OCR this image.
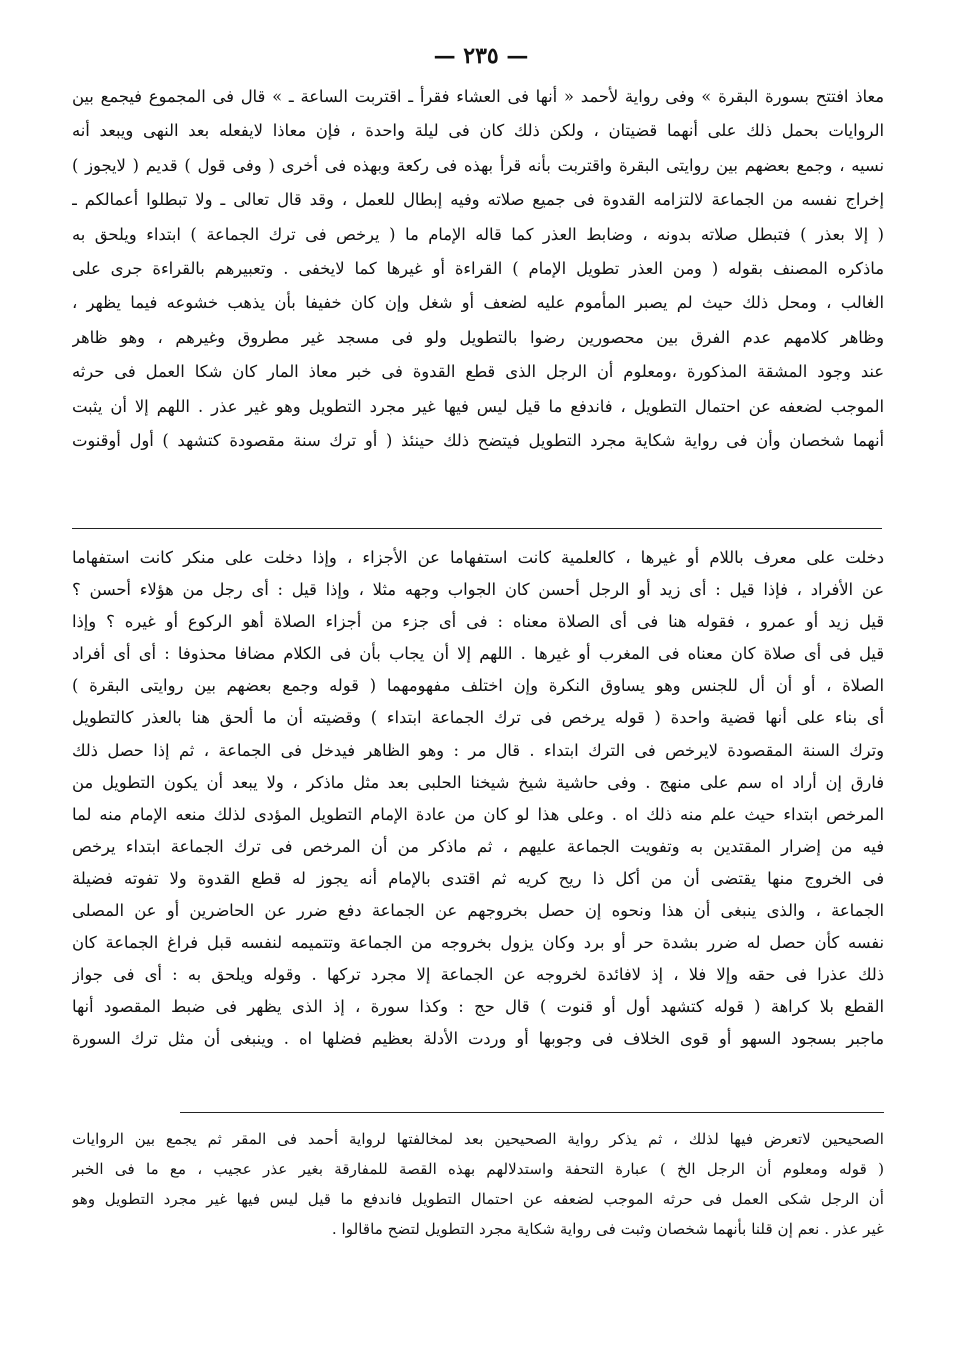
— ٢٣٥ —
معاذ افتتح بسورة البقرة » وفى رواية لأحمد « أنها فى العشاء فقرأ ـ اقتربت الساعة ـ » قال فى المجموع فيجمع بين
الروايات بحمل ذلك على أنهما قضيتان ، ولكن ذلك كان فى ليلة واحدة ، فإن معاذا لايفعله بعد النهى ويبعد أنه
نسيه ، وجمع بعضهم بين روايتى البقرة واقتربت بأنه قرأ بهذه فى ركعة وبهذه فى أخرى ( وفى قول ) قديم ( لايجوز )
إخراج نفسه من الجماعة لالتزامه القدوة فى جميع صلاته وفيه إبطال للعمل ، وقد قال تعالى ـ ولا تبطلوا أعمالكم ـ
( إلا بعذر ) فتبطل صلاته بدونه ، وضابط العذر كما قاله الإمام ما ( يرخص فى ترك الجماعة ) ابتداء ويلحق به
ماذكره المصنف بقوله ( ومن العذر تطويل الإمام ) القراءة أو غيرها كما لايخفى . وتعبيرهم بالقراءة جرى على
الغالب ، ومحل ذلك حيث لم يصبر المأموم عليه لضعف أو شغل وإن كان خفيفا بأن يذهب خشوعه فيما يظهر ،
وظاهر كلامهم عدم الفرق بين محصورين رضوا بالتطويل ولو فى مسجد غير مطروق وغيرهم ، وهو ظاهر
عند وجود المشقة المذكورة ،ومعلوم أن الرجل الذى قطع القدوة فى خبر معاذ المار كان شكا العمل فى حرثه
الموجب لضعفه عن احتمال التطويل ، فاندفع ما قيل ليس فيها غير مجرد التطويل وهو غير عذر . اللهم إلا أن يثبت
أنهما شخصان وأن فى رواية شكاية مجرد التطويل فيتضح ذلك حينئذ ( أو ترك سنة مقصودة كتشهد ) أول أوقنوت
دخلت على معرف باللام أو غيرها ، كالعلمية كانت استفهاما عن الأجزاء ، وإذا دخلت على منكر كانت استفهاما
عن الأفراد ، فإذا قيل : أى زيد أو الرجل أحسن كان الجواب وجهه مثلا ، وإذا قيل : أى رجل من هؤلاء أحسن ؟
قيل زيد أو عمرو ، فقوله هنا فى أى الصلاة معناه : فى أى جزء من أجزاء الصلاة أهو الركوع أو غيره ؟ وإذا
قيل فى أى صلاة كان معناه فى المغرب أو غيرها . اللهم إلا أن يجاب بأن فى الكلام مضافا محذوفا : أى أى أفراد
الصلاة ، أو أن أل للجنس وهو يساوق النكرة وإن اختلف مفهومهما ( قوله وجمع بعضهم بين روايتى البقرة )
أى بناء على أنها قضية واحدة ( قوله يرخص فى ترك الجماعة ابتداء ) وقضيته أن ما ألحق هنا بالعذر كالتطويل
وترك السنة المقصودة لايرخص فى الترك ابتداء . قال مر : وهو الظاهر فيدخل فى الجماعة ، ثم إذا حصل ذلك
فارق إن أراد اه سم على منهج . وفى حاشية شيخ شيخنا الحلبى بعد مثل ماذكر ، ولا يبعد أن يكون التطويل من
المرخص ابتداء حيث علم منه ذلك اه . وعلى هذا لو كان من عادة الإمام التطويل المؤدى لذلك منعه الإمام منه لما
فيه من إضرار المقتدين به وتفويت الجماعة عليهم ، ثم ماذكر من أن المرخص فى ترك الجماعة ابتداء يرخص
فى الخروج منها يقتضى أن من أكل ذا ريح كريه ثم اقتدى بالإمام أنه يجوز له قطع القدوة ولا تفوته فضيلة
الجماعة ، والذى ينبغى أن هذا ونحوه إن حصل بخروجهم عن الجماعة دفع ضرر عن الحاضرين أو عن المصلى
نفسه كأن حصل له ضرر بشدة حر أو برد وكان يزول بخروجه من الجماعة وتتميمه لنفسه قبل فراغ الجماعة كان
ذلك عذرا فى حقه وإلا فلا ، إذ لافائدة لخروجه عن الجماعة إلا مجرد تركها . وقوله ويلحق به : أى فى جواز
القطع بلا كراهة ( قوله كتشهد أول أو قنوت ) قال حج : وكذا سورة ، إذ الذى يظهر فى ضبط المقصود أنها
ماجبر بسجود السهو أو قوى الخلاف فى وجوبها أو وردت الأدلة بعظيم فضلها اه . وينبغى أن مثل ترك السورة
الصحيحين لاتعرض فيها لذلك ، ثم يذكر رواية الصحيحين بعد لمخالفتها لرواية أحمد فى المقر ثم يجمع بين الروايات
( قوله ومعلوم أن الرجل الخ ) عبارة التحفة واستدلالهم بهذه القصة للمفارقة بغير عذر عجيب ، مع ما فى الخبر
أن الرجل شكى العمل فى حرثه الموجب لضعفه عن احتمال التطويل فاندفع ما قيل ليس فيها غير مجرد التطويل وهو
غير عذر . نعم إن قلنا بأنهما شخصان وثبت فى رواية شكاية مجرد التطويل لتضح ماقالوا .
